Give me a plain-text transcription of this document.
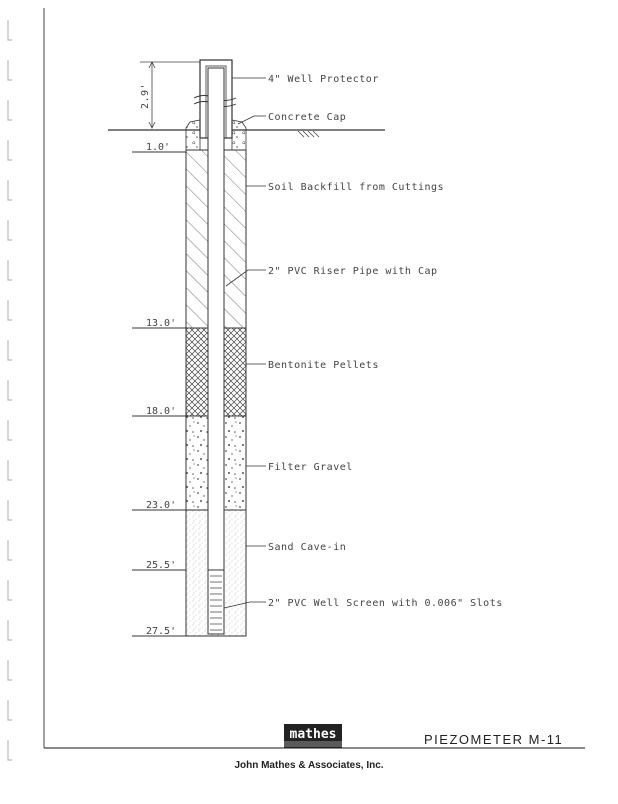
2.9'
1.0'
13.0'
18.0'
23.0'
25.5'
27.5'
4" Well Protector
Concrete Cap
Soil Backfill from Cuttings
2" PVC Riser Pipe with Cap
Bentonite Pellets
Filter Gravel
Sand Cave-in
2" PVC Well Screen with 0.006" Slots
mathes	PIEZOMETER M-11
John Mathes & Associates, Inc.
